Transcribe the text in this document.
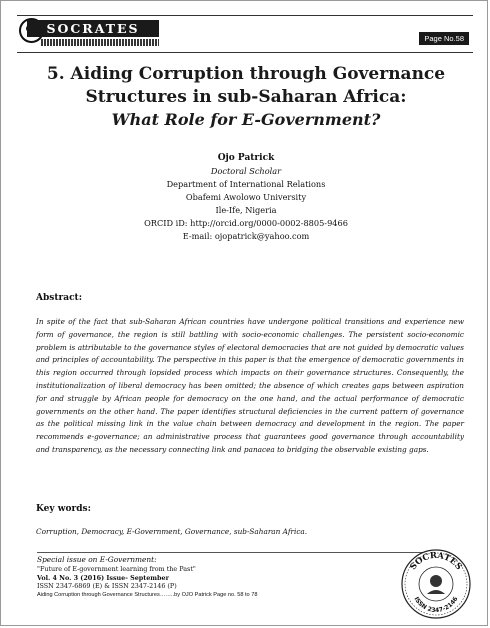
SOCRATES
Page No.58
5. Aiding Corruption through Governance
Structures in sub-Saharan Africa:
What Role for E-Government?
Ojo Patrick
Doctoral Scholar
Department of International Relations
Obafemi Awolowo University
Ile-Ife, Nigeria
ORCID iD: http://orcid.org/0000-0002-8805-9466
E-mail: ojopatrick@yahoo.com
Abstract:
In spite of the fact that sub-Saharan African countries have undergone political transitions and experience new form of governance, the region is still battling with socio-economic challenges. The persistent socio-economic problem is attributable to the governance styles of electoral democracies that are not guided by democratic values and principles of accountability. The perspective in this paper is that the emergence of democratic governments in this region occurred through lopsided process which impacts on their governance structures. Consequently, the institutionalization of liberal democracy has been omitted; the absence of which creates gaps between aspiration for and struggle by African people for democracy on the one hand, and the actual performance of democratic governments on the other hand. The paper identifies structural deficiencies in the current pattern of governance as the political missing link in the value chain between democracy and development in the region. The paper recommends e-governance; an administrative process that guarantees good governance through accountability and transparency, as the necessary connecting link and panacea to bridging the observable existing gaps.
Key words:
Corruption, Democracy, E-Government, Governance, sub-Saharan Africa.
Special issue on E-Government:
"Future of E-government learning from the Past"
Vol. 4 No. 3 (2016) Issue- September
ISSN 2347-6869 (E) & ISSN 2347-2146 (P)
Aiding Corruption through Governance Structures……..by OJO Patrick Page no. 58 to 78
SOCRATES
ISSN 2347-2146
